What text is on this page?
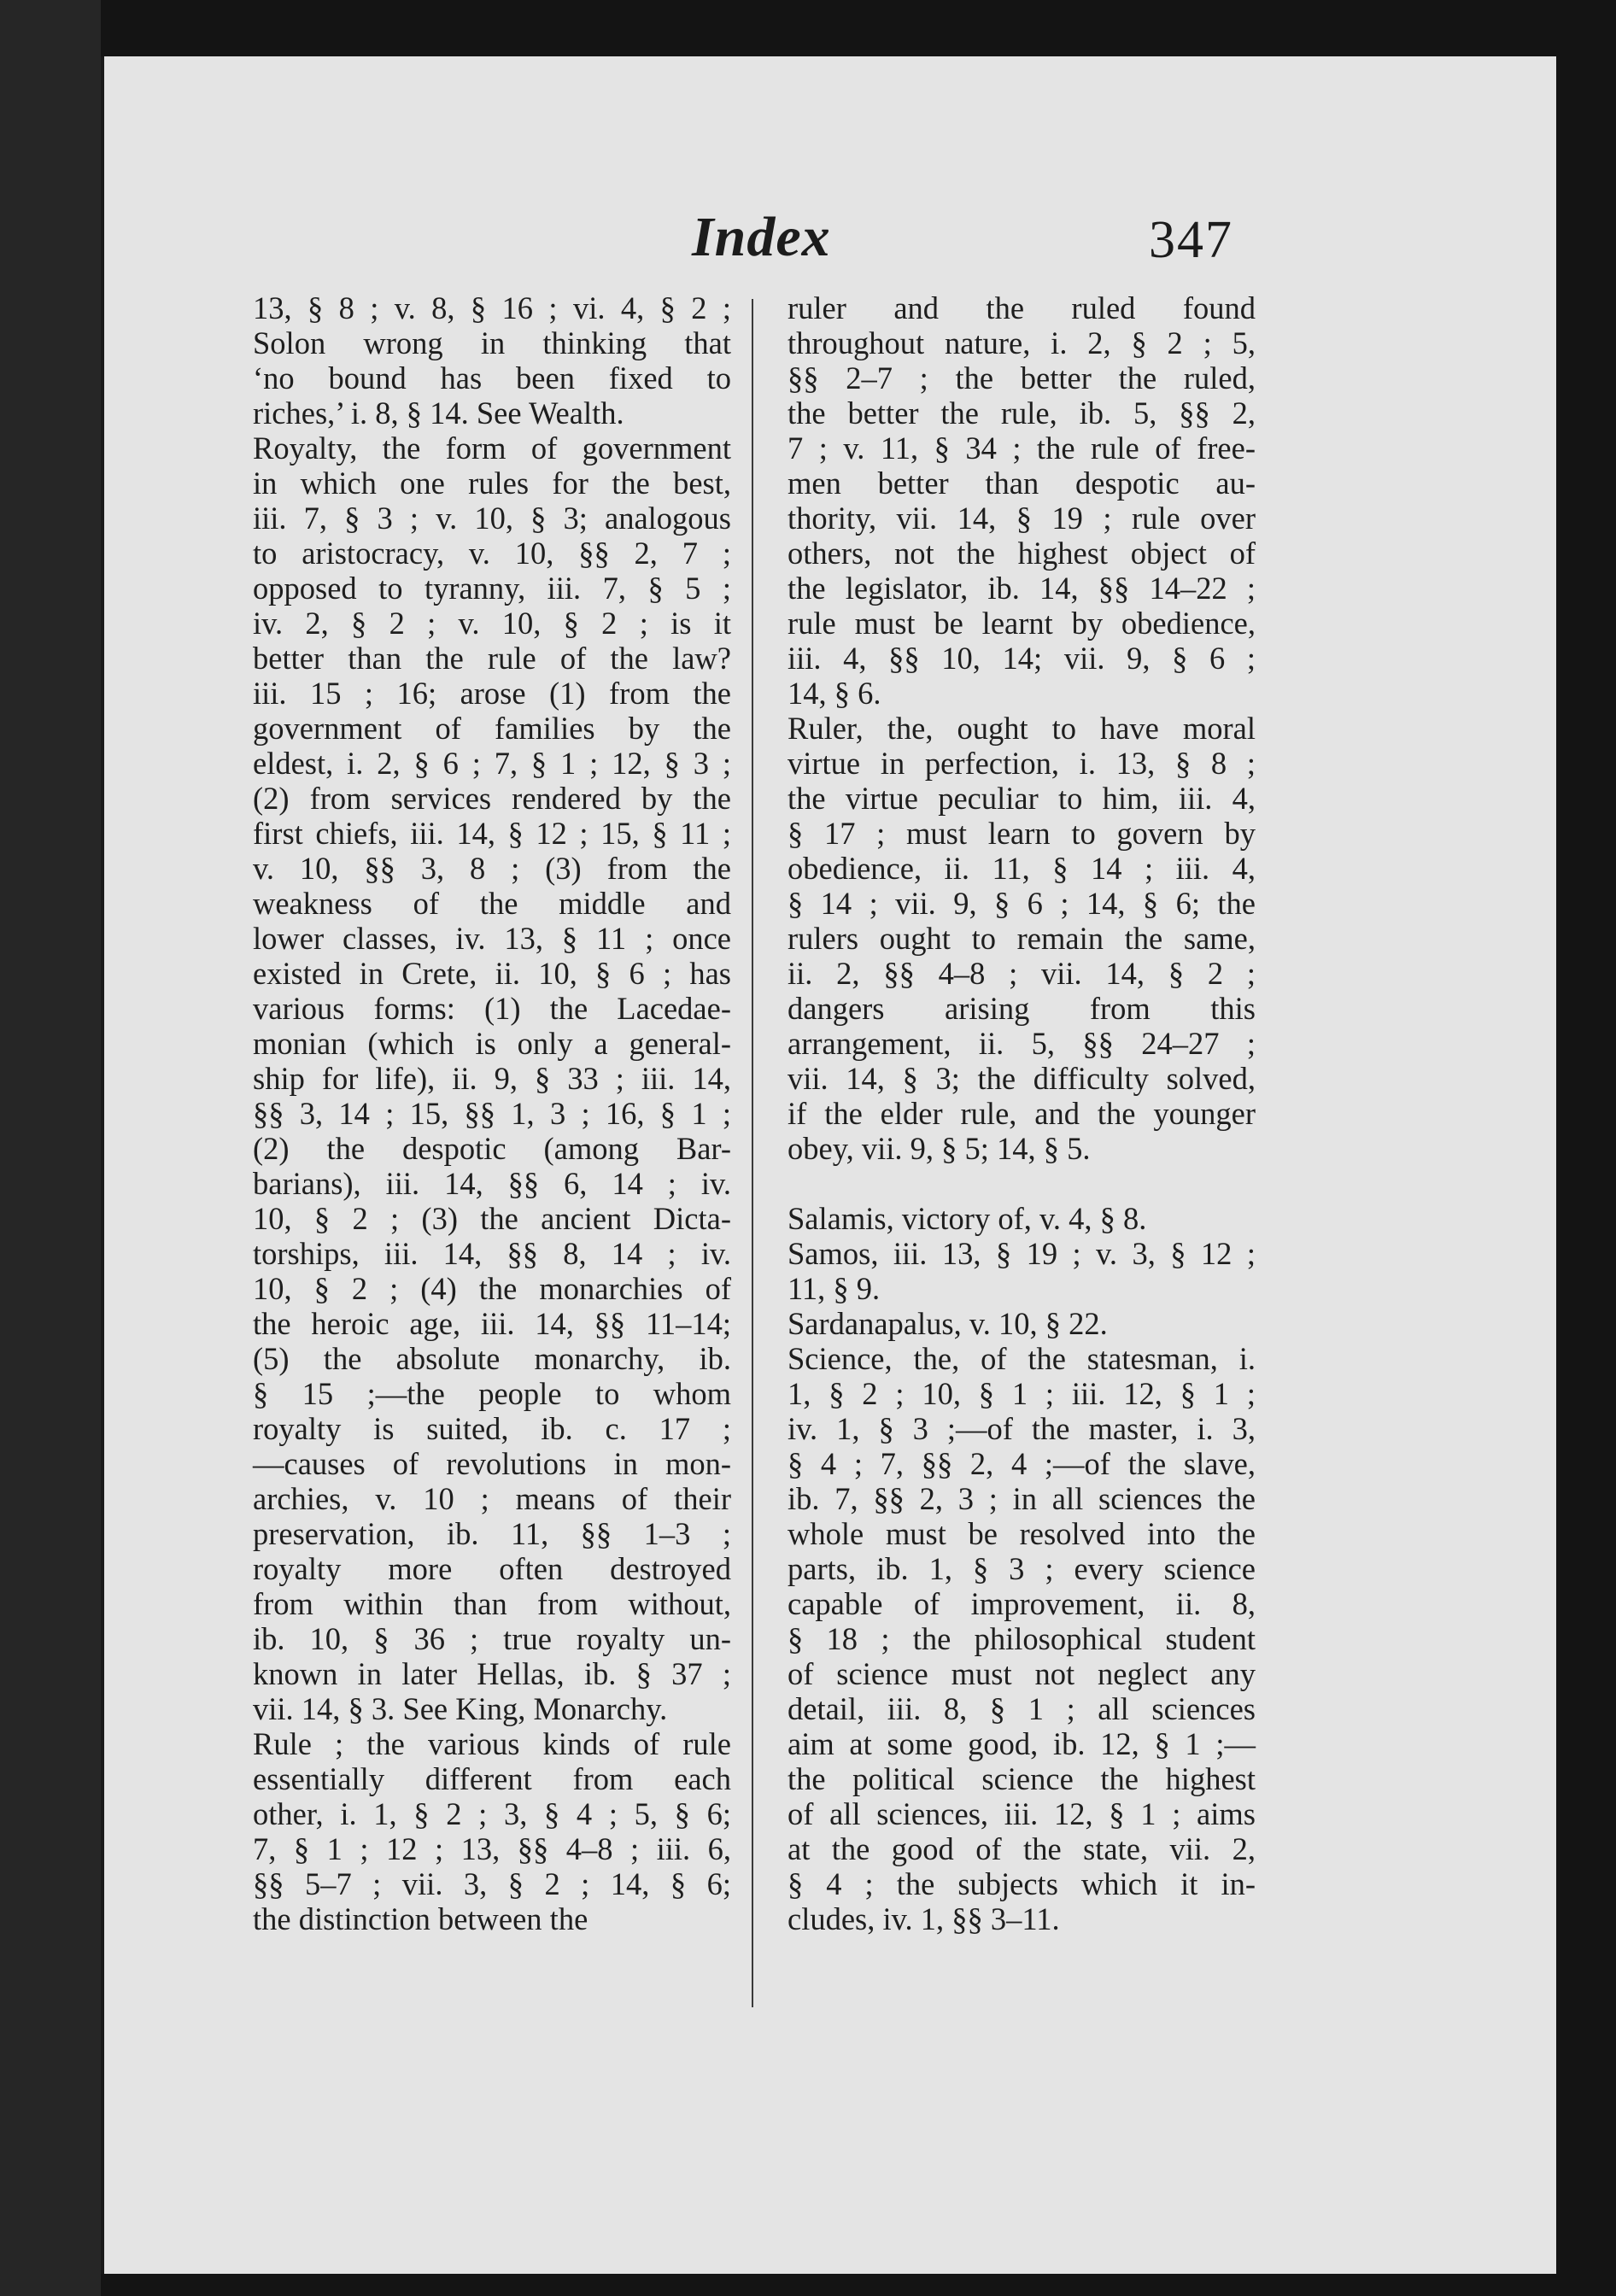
Index	347
13, § 8 ; v. 8, § 16 ; vi. 4, § 2 ;
Solon wrong in thinking that
‘no bound has been fixed to
riches,’ i. 8, § 14. See Wealth.
Royalty, the form of government
in which one rules for the best,
iii. 7, § 3 ; v. 10, § 3; analogous
to aristocracy, v. 10, §§ 2, 7 ;
opposed to tyranny, iii. 7, § 5 ;
iv. 2, § 2 ; v. 10, § 2 ; is it
better than the rule of the law?
iii. 15 ; 16; arose (1) from the
government of families by the
eldest, i. 2, § 6 ; 7, § 1 ; 12, § 3 ;
(2) from services rendered by the
first chiefs, iii. 14, § 12 ; 15, § 11 ;
v. 10, §§ 3, 8 ; (3) from the
weakness of the middle and
lower classes, iv. 13, § 11 ; once
existed in Crete, ii. 10, § 6 ; has
various forms: (1) the Lacedae-
monian (which is only a general-
ship for life), ii. 9, § 33 ; iii. 14,
§§ 3, 14 ; 15, §§ 1, 3 ; 16, § 1 ;
(2) the despotic (among Bar-
barians), iii. 14, §§ 6, 14 ; iv.
10, § 2 ; (3) the ancient Dicta-
torships, iii. 14, §§ 8, 14 ; iv.
10, § 2 ; (4) the monarchies of
the heroic age, iii. 14, §§ 11–14;
(5) the absolute monarchy, ib.
§ 15 ;—the people to whom
royalty is suited, ib. c. 17 ;
—causes of revolutions in mon-
archies, v. 10 ; means of their
preservation, ib. 11, §§ 1–3 ;
royalty more often destroyed
from within than from without,
ib. 10, § 36 ; true royalty un-
known in later Hellas, ib. § 37 ;
vii. 14, § 3. See King, Monarchy.
Rule ; the various kinds of rule
essentially different from each
other, i. 1, § 2 ; 3, § 4 ; 5, § 6;
7, § 1 ; 12 ; 13, §§ 4–8 ; iii. 6,
§§ 5–7 ; vii. 3, § 2 ; 14, § 6;
the distinction between the
ruler and the ruled found
throughout nature, i. 2, § 2 ; 5,
§§ 2–7 ; the better the ruled,
the better the rule, ib. 5, §§ 2,
7 ; v. 11, § 34 ; the rule of free-
men better than despotic au-
thority, vii. 14, § 19 ; rule over
others, not the highest object of
the legislator, ib. 14, §§ 14–22 ;
rule must be learnt by obedience,
iii. 4, §§ 10, 14; vii. 9, § 6 ;
14, § 6.
Ruler, the, ought to have moral
virtue in perfection, i. 13, § 8 ;
the virtue peculiar to him, iii. 4,
§ 17 ; must learn to govern by
obedience, ii. 11, § 14 ; iii. 4,
§ 14 ; vii. 9, § 6 ; 14, § 6; the
rulers ought to remain the same,
ii. 2, §§ 4–8 ; vii. 14, § 2 ;
dangers arising from this
arrangement, ii. 5, §§ 24–27 ;
vii. 14, § 3; the difficulty solved,
if the elder rule, and the younger
obey, vii. 9, § 5; 14, § 5.
Salamis, victory of, v. 4, § 8.
Samos, iii. 13, § 19 ; v. 3, § 12 ;
11, § 9.
Sardanapalus, v. 10, § 22.
Science, the, of the statesman, i.
1, § 2 ; 10, § 1 ; iii. 12, § 1 ;
iv. 1, § 3 ;—of the master, i. 3,
§ 4 ; 7, §§ 2, 4 ;—of the slave,
ib. 7, §§ 2, 3 ; in all sciences the
whole must be resolved into the
parts, ib. 1, § 3 ; every science
capable of improvement, ii. 8,
§ 18 ; the philosophical student
of science must not neglect any
detail, iii. 8, § 1 ; all sciences
aim at some good, ib. 12, § 1 ;—
the political science the highest
of all sciences, iii. 12, § 1 ; aims
at the good of the state, vii. 2,
§ 4 ; the subjects which it in-
cludes, iv. 1, §§ 3–11.
